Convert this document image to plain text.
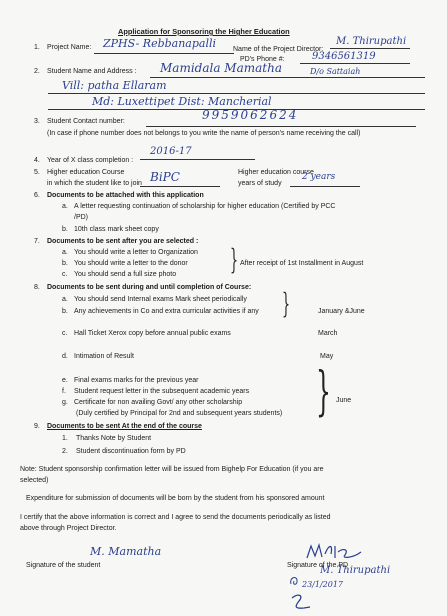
Application for Sponsoring the Higher Education
1. Project Name: ZPHS- Rebbanapalli Name of the Project Director:
M. Thirupathi
PD's Phone #:	9346561319
2. Student Name and Address : Mamidala Mamatha	D/o Sattaiah
Vill: patha Ellaram
Md: Luxettipet Dist: Mancherial
3. Student Contact number:	9959062624
(In case if phone number does not belongs to you write the name of person's name receiving the call)
4. Year of X class completion :
2016-17
5. Higher education Course
in which the student like to join BiPC	Higher education course
years of study
2 years
6. Documents to be attached with this application
a. A letter requesting continuation of scholarship for higher education (Certified by PCC
/PD)
b. 10th class mark sheet copy
7. Documents to be sent after you are selected :
a. You should write a letter to Organization
b. You should write a letter to the donor
c. You should send a full size photo } After receipt of 1st Installment in August
8. Documents to be sent during and until completion of Course:
a. You should send Internal exams Mark sheet periodically
b. Any achievements in Co and extra curricular activities if any }	January &June
c. Hall Ticket Xerox copy before annual public exams	March
d. Intimation of Result	May
e. Final exams marks for the previous year
f. Student request letter in the subsequent academic years
g. Certificate for non availing Govt/ any other scholarship
(Duly certified by Principal for 2nd and subsequent years students) } June
9. Documents to be sent At the end of the course
1. Thanks Note by Student
2. Student discontinuation form by PD
Note: Student sponsorship confirmation letter will be issued from Bighelp For Education (if you are
selected)
Expenditure for submission of documents will be born by the student from his sponsored amount
I certify that the above information is correct and I agree to send the documents periodically as listed
above through Project Director.
M. Mamatha
Signature of the student	Signature of the PD
M. Thirupathi
23/1/2017
